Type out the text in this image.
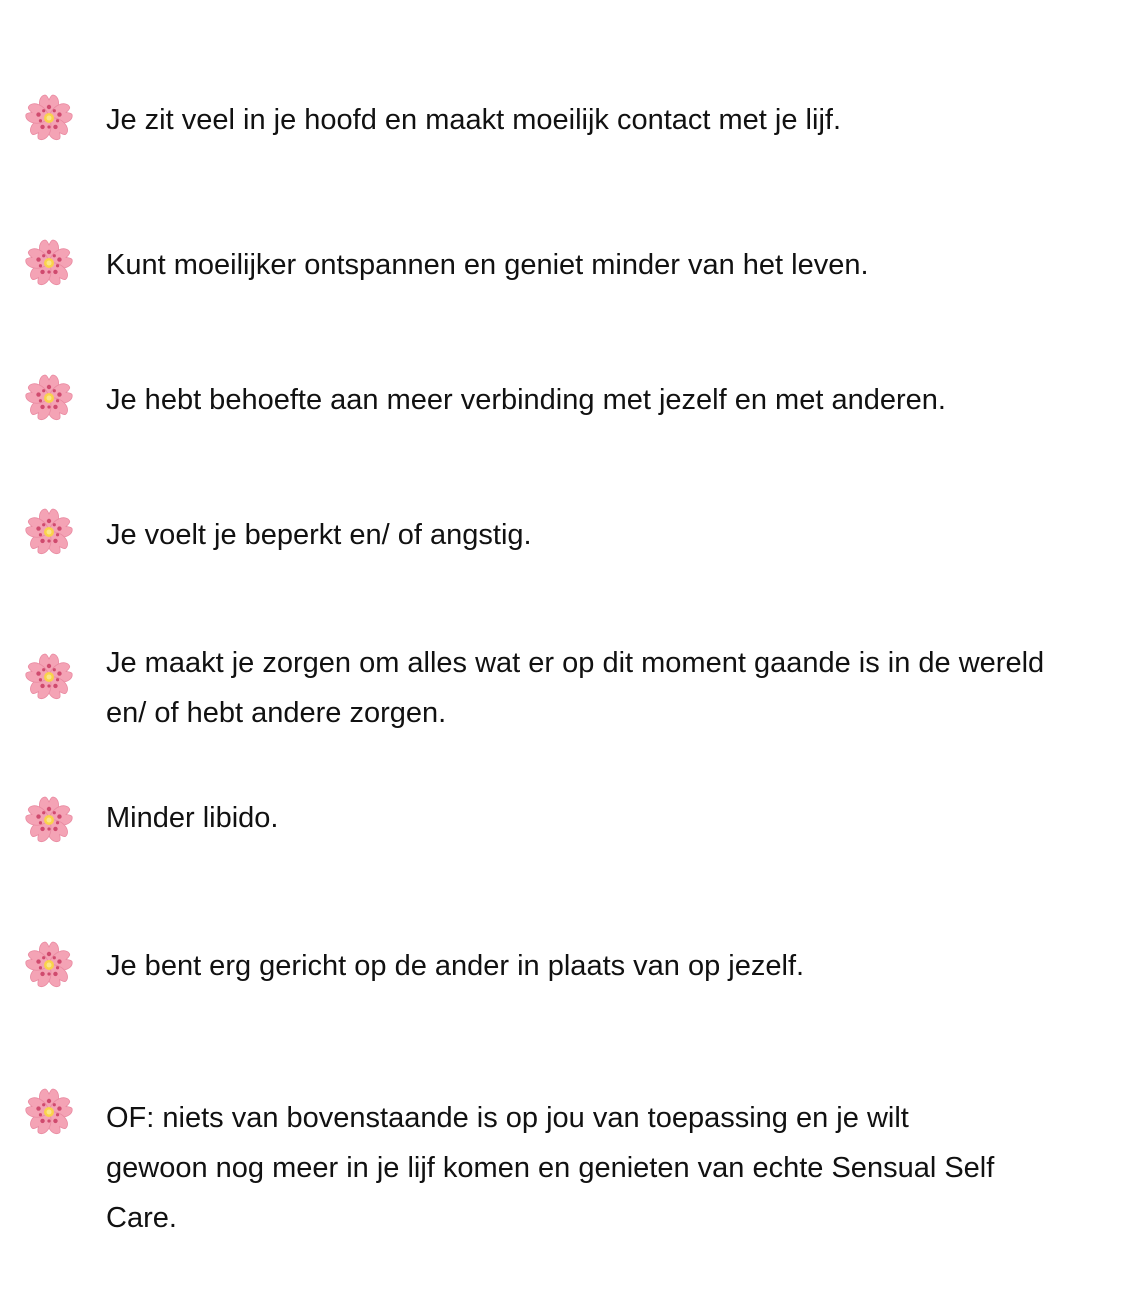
Je zit veel in je hoofd en maakt moeilijk contact met je lijf.
Kunt moeilijker ontspannen en geniet minder van het leven.
Je hebt behoefte aan meer verbinding met jezelf en met anderen.
Je voelt je beperkt en/ of angstig.
Je maakt je zorgen om alles wat er op dit moment gaande is in de wereld en/ of hebt andere zorgen.
Minder libido.
Je bent erg gericht op de ander in plaats van op jezelf.
OF: niets van bovenstaande is op jou van toepassing en je wilt gewoon nog meer in je lijf komen en genieten van echte Sensual Self Care.
